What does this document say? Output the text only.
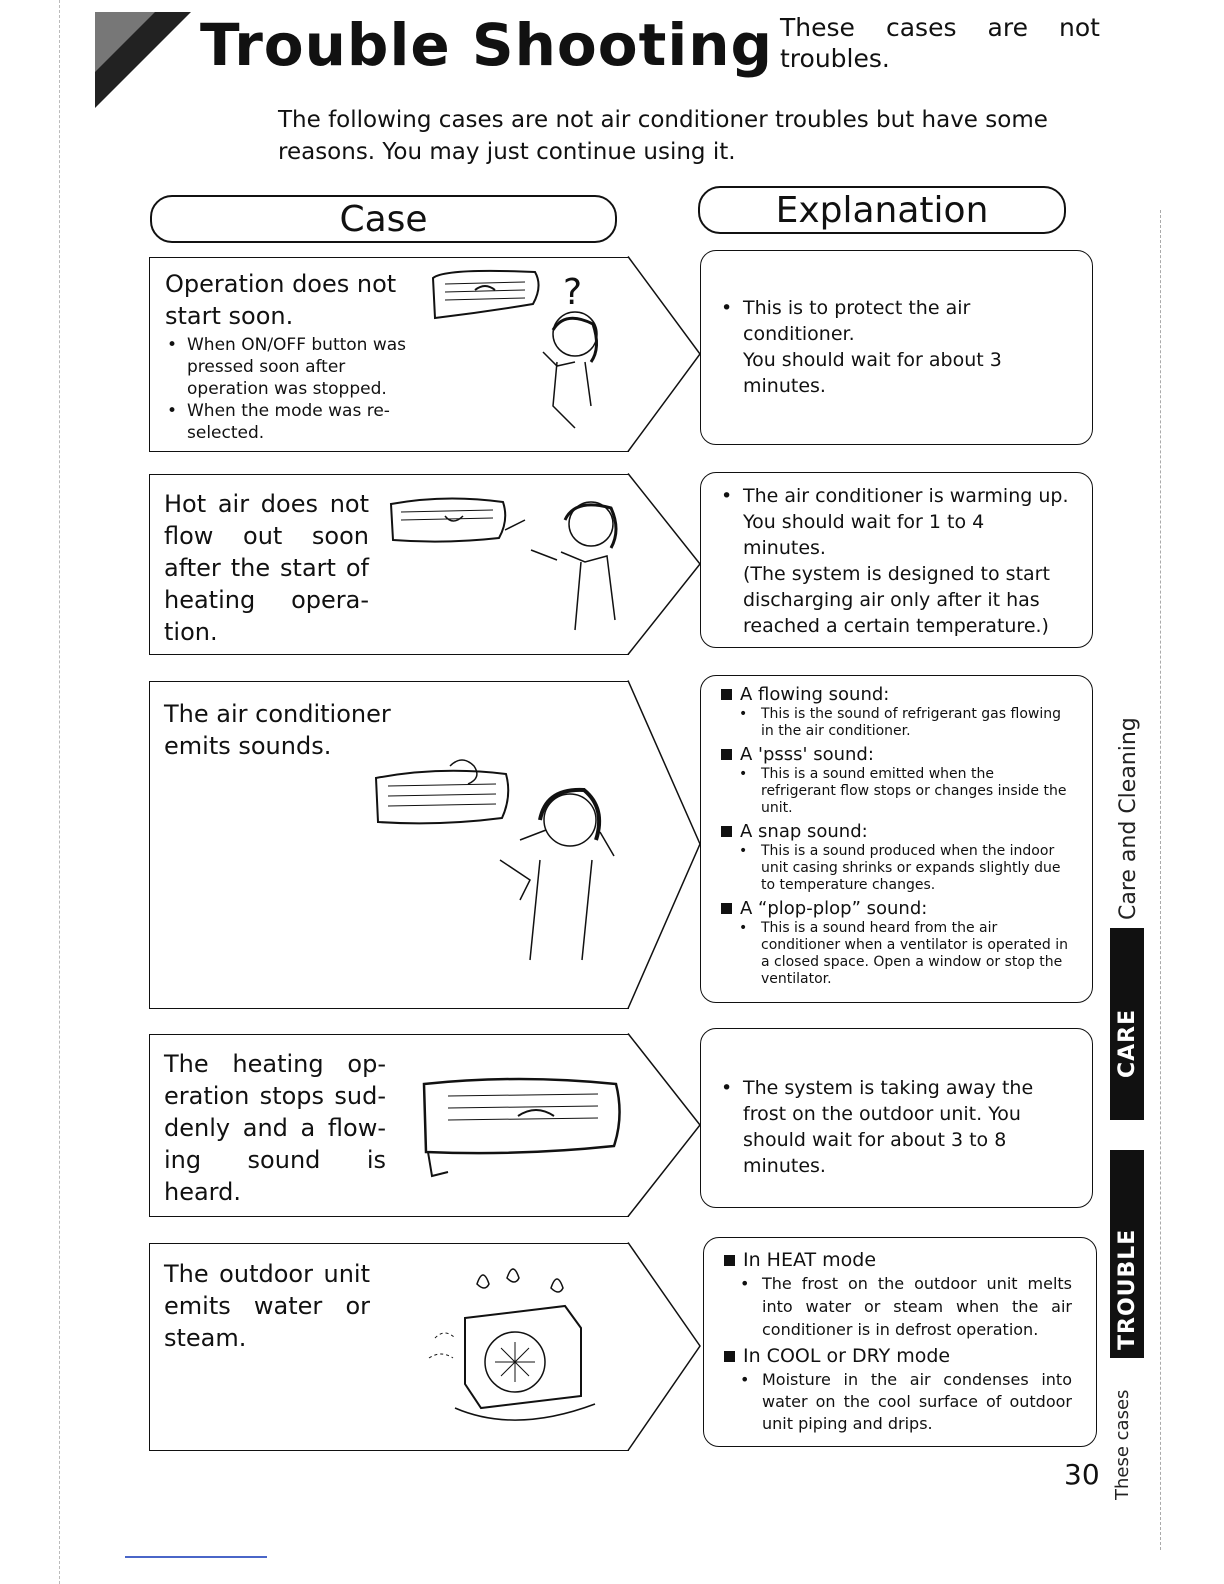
Trouble Shooting These cases are not troubles.
The following cases are not air conditioner troubles but have some reasons. You may just continue using it.
Case	Explanation
Operation does not start soon.
• When ON/OFF button was pressed soon after operation was stopped.
• When the mode was re-selected.
?
•	This is to protect the air conditioner.
You should wait for about 3 minutes.
Hot air does not flow out soon after the start of heating opera-tion.
• The air conditioner is warming up. You should wait for 1 to 4 minutes.
(The system is designed to start discharging air only after it has reached a certain temperature.)
The air conditioner emits sounds.
A flowing sound:
• This is the sound of refrigerant gas flowing in the air conditioner.
A 'psss' sound:
• This is a sound emitted when the refrigerant flow stops or changes inside the unit.
A snap sound:
• This is a sound produced when the indoor unit casing shrinks or expands slightly due to temperature changes.
A “plop-plop” sound:
• This is a sound heard from the air conditioner when a ventilator is operated in a closed space. Open a window or stop the ventilator.
The heating op-eration stops sud-denly and a flow-ing sound is heard.
• The system is taking away the frost on the outdoor unit. You should wait for about 3 to 8 minutes.
The outdoor unit emits water or steam.
In HEAT mode
• The frost on the outdoor unit melts into water or steam when the air conditioner is in defrost operation.
In COOL or DRY mode
• Moisture in the air condenses into water on the cool surface of outdoor unit piping and drips.
Care and Cleaning
CARE
TROUBLE
These cases
30
